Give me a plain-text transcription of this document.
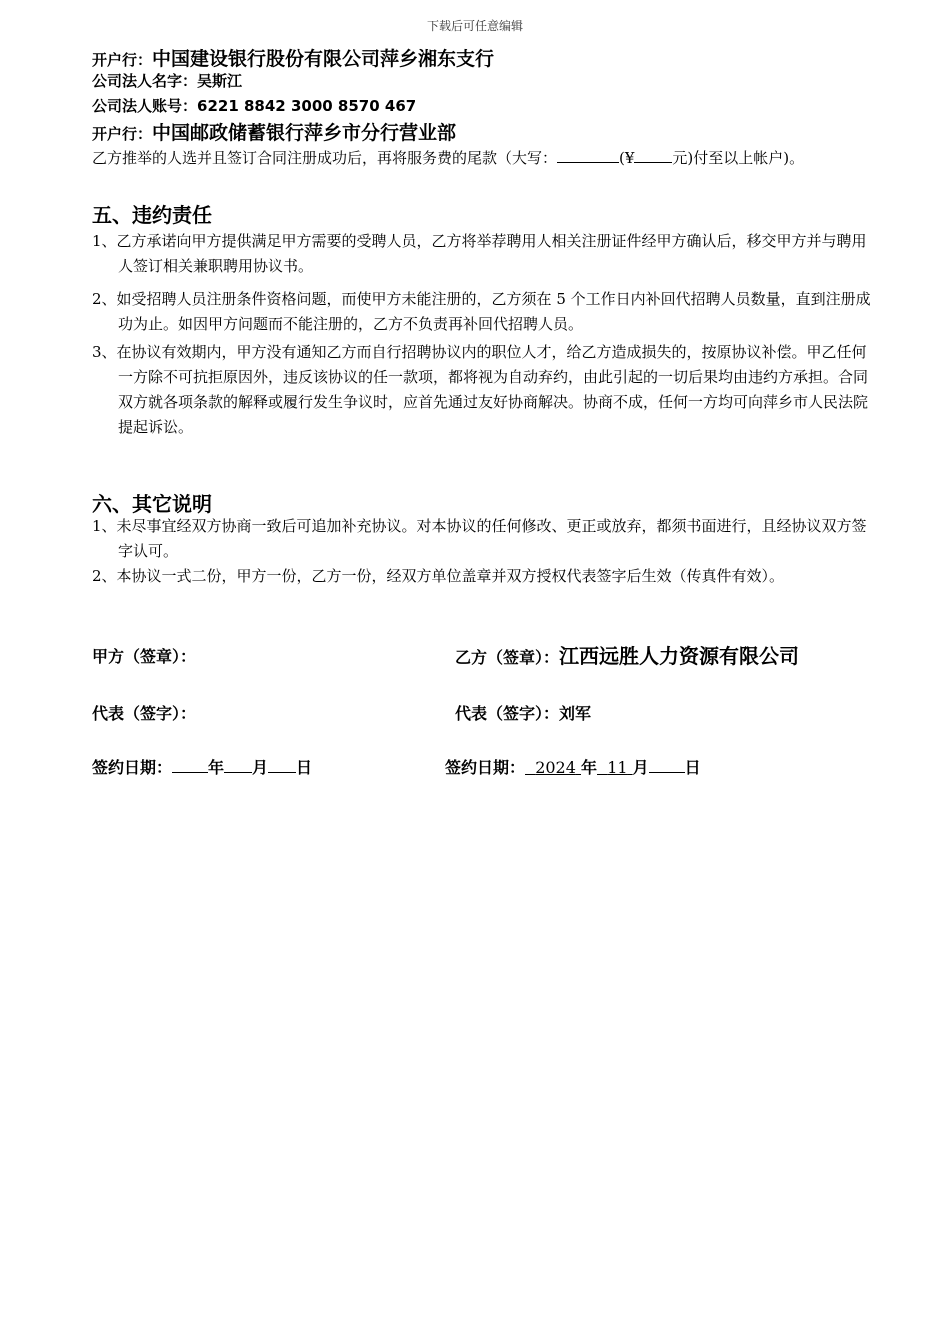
下载后可任意编辑
开户行：中国建设银行股份有限公司萍乡湘东支行
公司法人名字：吴斯江
公司法人账号：6221 8842 3000 8570 467
开户行：中国邮政储蓄银行萍乡市分行营业部
乙方推举的人选并且签订合同注册成功后，再将服务费的尾款（大写：	(¥	元)付至以上帐户)。
五、违约责任
1、乙方承诺向甲方提供满足甲方需要的受聘人员，乙方将举荐聘用人相关注册证件经甲方确认后，移交甲方并与聘用人签订相关兼职聘用协议书。
2、如受招聘人员注册条件资格问题，而使甲方未能注册的，乙方须在 5 个工作日内补回代招聘人员数量，直到注册成功为止。如因甲方问题而不能注册的，乙方不负责再补回代招聘人员。
3、在协议有效期内，甲方没有通知乙方而自行招聘协议内的职位人才，给乙方造成损失的，按原协议补偿。甲乙任何一方除不可抗拒原因外，违反该协议的任一款项，都将视为自动弃约，由此引起的一切后果均由违约方承担。合同双方就各项条款的解释或履行发生争议时，应首先通过友好协商解决。协商不成，任何一方均可向萍乡市人民法院提起诉讼。
六、其它说明
1、未尽事宜经双方协商一致后可追加补充协议。对本协议的任何修改、更正或放弃，都须书面进行，且经协议双方签字认可。
2、本协议一式二份，甲方一份，乙方一份，经双方单位盖章并双方授权代表签字后生效（传真件有效）。
甲方（签章）：	乙方（签章）：江西远胜人力资源有限公司
代表（签字）：	代表（签字）：刘军
签约日期： 年 月 日	签约日期： 2024 年 11 月 日
